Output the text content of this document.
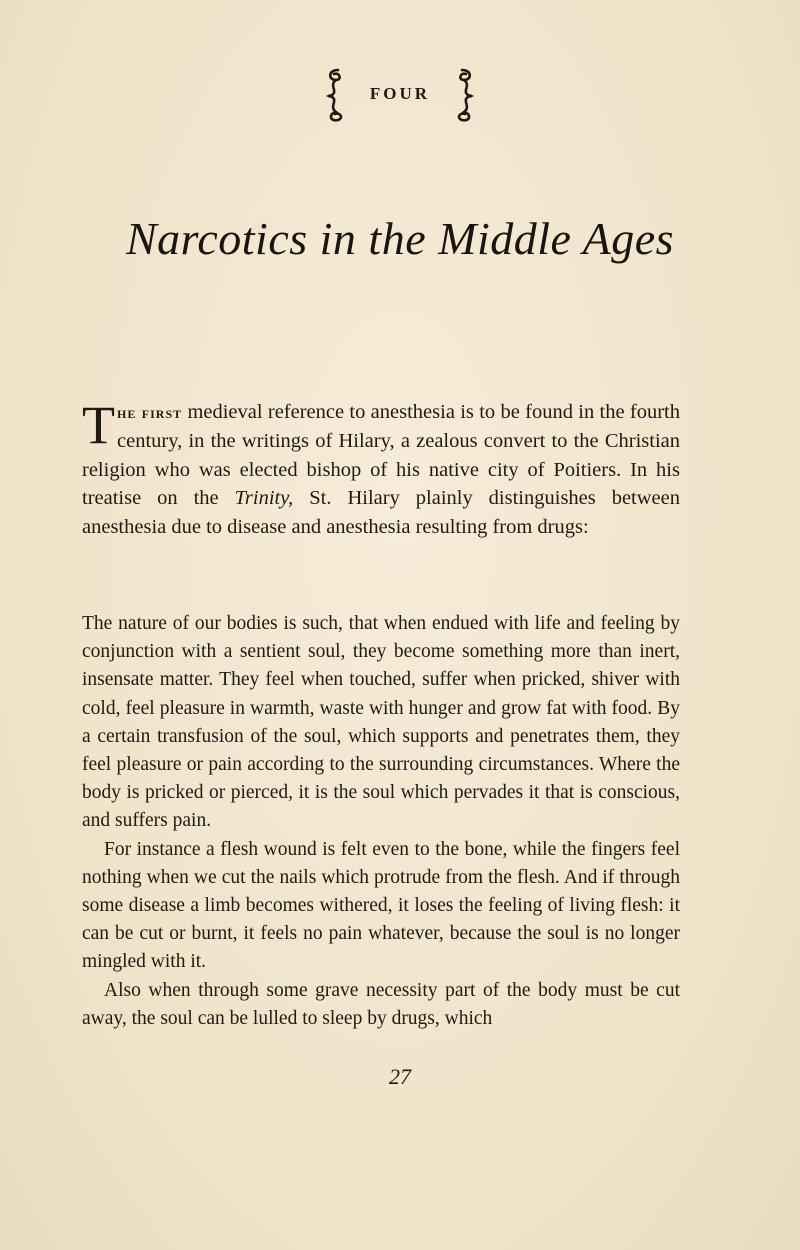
FOUR
Narcotics in the Middle Ages

The first medieval reference to anesthesia is to be found in the fourth century, in the writings of Hilary, a zealous convert to the Christian religion who was elected bishop of his native city of Poitiers. In his treatise on the Trinity, St. Hilary plainly distinguishes between anesthesia due to disease and anesthesia resulting from drugs:

The nature of our bodies is such, that when endued with life and feeling by conjunction with a sentient soul, they become something more than inert, insensate matter. They feel when touched, suffer when pricked, shiver with cold, feel pleasure in warmth, waste with hunger and grow fat with food. By a certain transfusion of the soul, which supports and penetrates them, they feel pleasure or pain according to the surrounding circumstances. Where the body is pricked or pierced, it is the soul which pervades it that is conscious, and suffers pain.

For instance a flesh wound is felt even to the bone, while the fingers feel nothing when we cut the nails which protrude from the flesh. And if through some disease a limb becomes withered, it loses the feeling of living flesh: it can be cut or burnt, it feels no pain whatever, because the soul is no longer mingled with it.

Also when through some grave necessity part of the body must be cut away, the soul can be lulled to sleep by drugs, which

27
